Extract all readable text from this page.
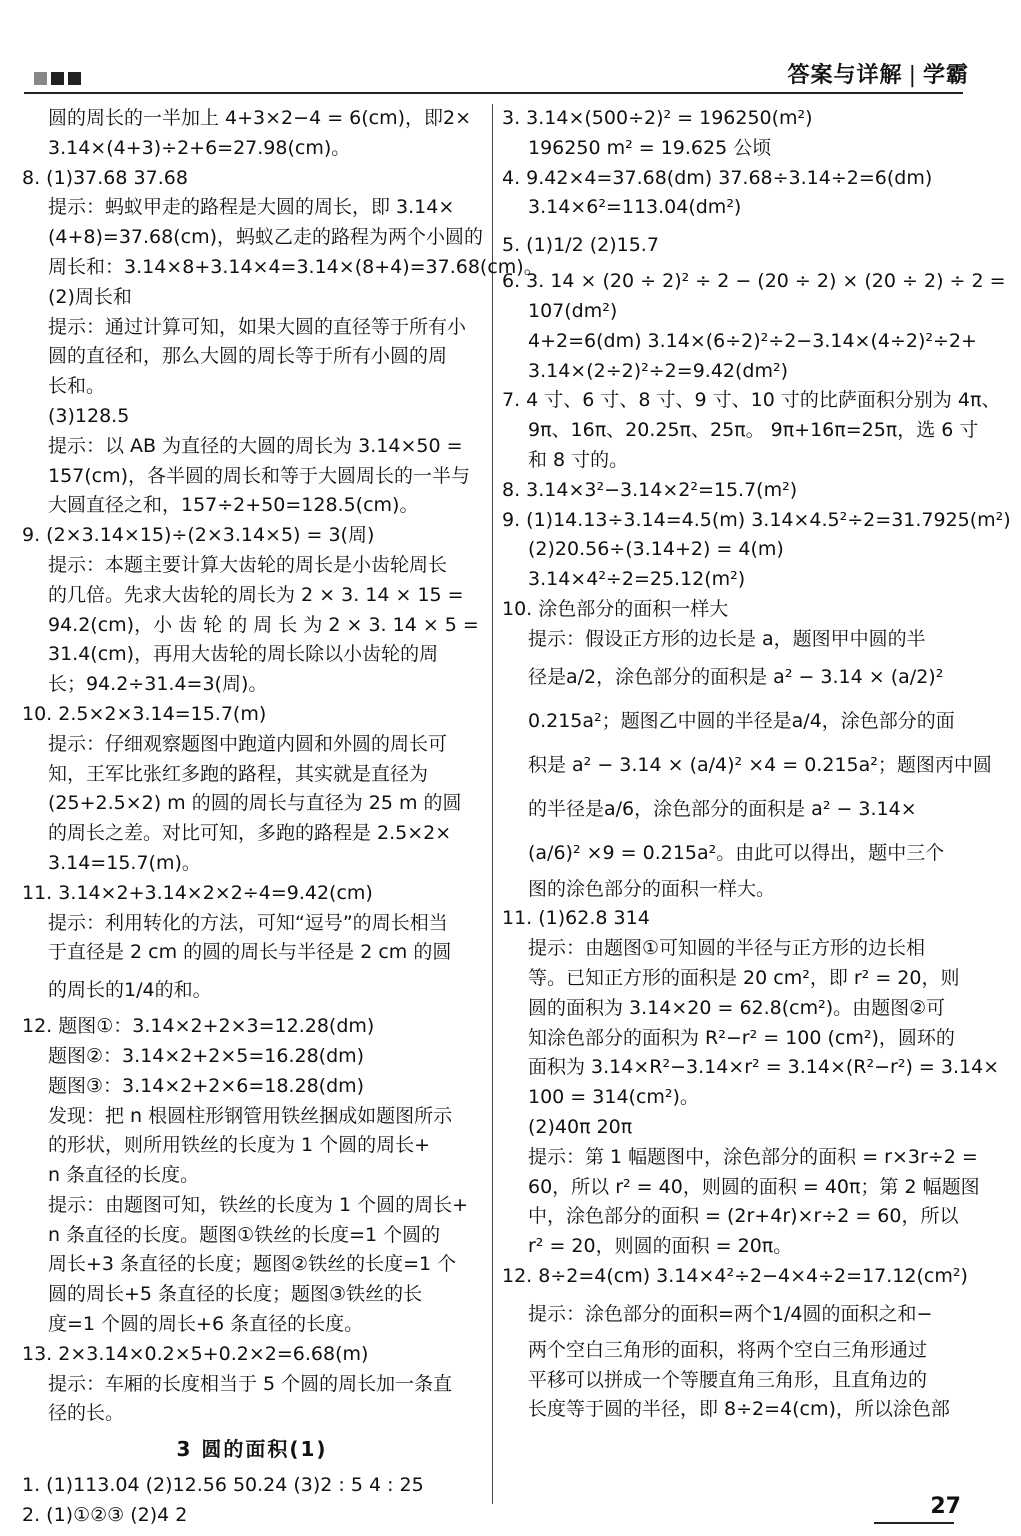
答案与详解 | 学霸
圆的周长的一半加上 4+3×2−4 = 6(cm)，即2×
3.14×(4+3)÷2+6=27.98(cm)。
8. (1)37.68 37.68
提示：蚂蚁甲走的路程是大圆的周长，即 3.14×
(4+8)=37.68(cm)，蚂蚁乙走的路程为两个小圆的
周长和：3.14×8+3.14×4=3.14×(8+4)=37.68(cm)。
(2)周长和
提示：通过计算可知，如果大圆的直径等于所有小
圆的直径和，那么大圆的周长等于所有小圆的周
长和。
(3)128.5
提示：以 AB 为直径的大圆的周长为 3.14×50 =
157(cm)，各半圆的周长和等于大圆周长的一半与
大圆直径之和，157÷2+50=128.5(cm)。
9. (2×3.14×15)÷(2×3.14×5) = 3(周)
提示：本题主要计算大齿轮的周长是小齿轮周长
的几倍。先求大齿轮的周长为 2 × 3. 14 × 15 =
94.2(cm)，小 齿 轮 的 周 长 为 2 × 3. 14 × 5 =
31.4(cm)，再用大齿轮的周长除以小齿轮的周
长；94.2÷31.4=3(周)。
10. 2.5×2×3.14=15.7(m)
提示：仔细观察题图中跑道内圆和外圆的周长可
知，王军比张红多跑的路程，其实就是直径为
(25+2.5×2) m 的圆的周长与直径为 25 m 的圆
的周长之差。对比可知，多跑的路程是 2.5×2×
3.14=15.7(m)。
11. 3.14×2+3.14×2×2÷4=9.42(cm)
提示：利用转化的方法，可知“逗号”的周长相当
于直径是 2 cm 的圆的周长与半径是 2 cm 的圆
的周长的1/4的和。
12. 题图①：3.14×2+2×3=12.28(dm)
题图②：3.14×2+2×5=16.28(dm)
题图③：3.14×2+2×6=18.28(dm)
发现：把 n 根圆柱形钢管用铁丝捆成如题图所示
的形状，则所用铁丝的长度为 1 个圆的周长+
n 条直径的长度。
提示：由题图可知，铁丝的长度为 1 个圆的周长+
n 条直径的长度。题图①铁丝的长度=1 个圆的
周长+3 条直径的长度；题图②铁丝的长度=1 个
圆的周长+5 条直径的长度；题图③铁丝的长
度=1 个圆的周长+6 条直径的长度。
13. 2×3.14×0.2×5+0.2×2=6.68(m)
提示：车厢的长度相当于 5 个圆的周长加一条直
径的长。
3 圆的面积(1)
1. (1)113.04 (2)12.56 50.24 (3)2 : 5 4 : 25
2. (1)①②③ (2)4 2
3. 3.14×(500÷2)² = 196250(m²)
196250 m² = 19.625 公顷
4. 9.42×4=37.68(dm) 37.68÷3.14÷2=6(dm)
3.14×6²=113.04(dm²)
5. (1)1/2 (2)15.7
6. 3. 14 × (20 ÷ 2)² ÷ 2 − (20 ÷ 2) × (20 ÷ 2) ÷ 2 =
107(dm²)
4+2=6(dm) 3.14×(6÷2)²÷2−3.14×(4÷2)²÷2+
3.14×(2÷2)²÷2=9.42(dm²)
7. 4 寸、6 寸、8 寸、9 寸、10 寸的比萨面积分别为 4π、
9π、16π、20.25π、25π。 9π+16π=25π，选 6 寸
和 8 寸的。
8. 3.14×3²−3.14×2²=15.7(m²)
9. (1)14.13÷3.14=4.5(m) 3.14×4.5²÷2=31.7925(m²)
(2)20.56÷(3.14+2) = 4(m)
3.14×4²÷2=25.12(m²)
10. 涂色部分的面积一样大
提示：假设正方形的边长是 a，题图甲中圆的半
径是a/2，涂色部分的面积是 a² − 3.14 × (a/2)²
0.215a²；题图乙中圆的半径是a/4，涂色部分的面
积是 a² − 3.14 × (a/4)² ×4 = 0.215a²；题图丙中圆
的半径是a/6，涂色部分的面积是 a² − 3.14×
(a/6)² ×9 = 0.215a²。由此可以得出，题中三个
图的涂色部分的面积一样大。
11. (1)62.8 314
提示：由题图①可知圆的半径与正方形的边长相
等。已知正方形的面积是 20 cm²，即 r² = 20，则
圆的面积为 3.14×20 = 62.8(cm²)。由题图②可
知涂色部分的面积为 R²−r² = 100 (cm²)，圆环的
面积为 3.14×R²−3.14×r² = 3.14×(R²−r²) = 3.14×
100 = 314(cm²)。
(2)40π 20π
提示：第 1 幅题图中，涂色部分的面积 = r×3r÷2 =
60，所以 r² = 40，则圆的面积 = 40π；第 2 幅题图
中，涂色部分的面积 = (2r+4r)×r÷2 = 60，所以
r² = 20，则圆的面积 = 20π。
12. 8÷2=4(cm) 3.14×4²÷2−4×4÷2=17.12(cm²)
提示：涂色部分的面积=两个1/4圆的面积之和−
两个空白三角形的面积，将两个空白三角形通过
平移可以拼成一个等腰直角三角形，且直角边的
长度等于圆的半径，即 8÷2=4(cm)，所以涂色部
27
